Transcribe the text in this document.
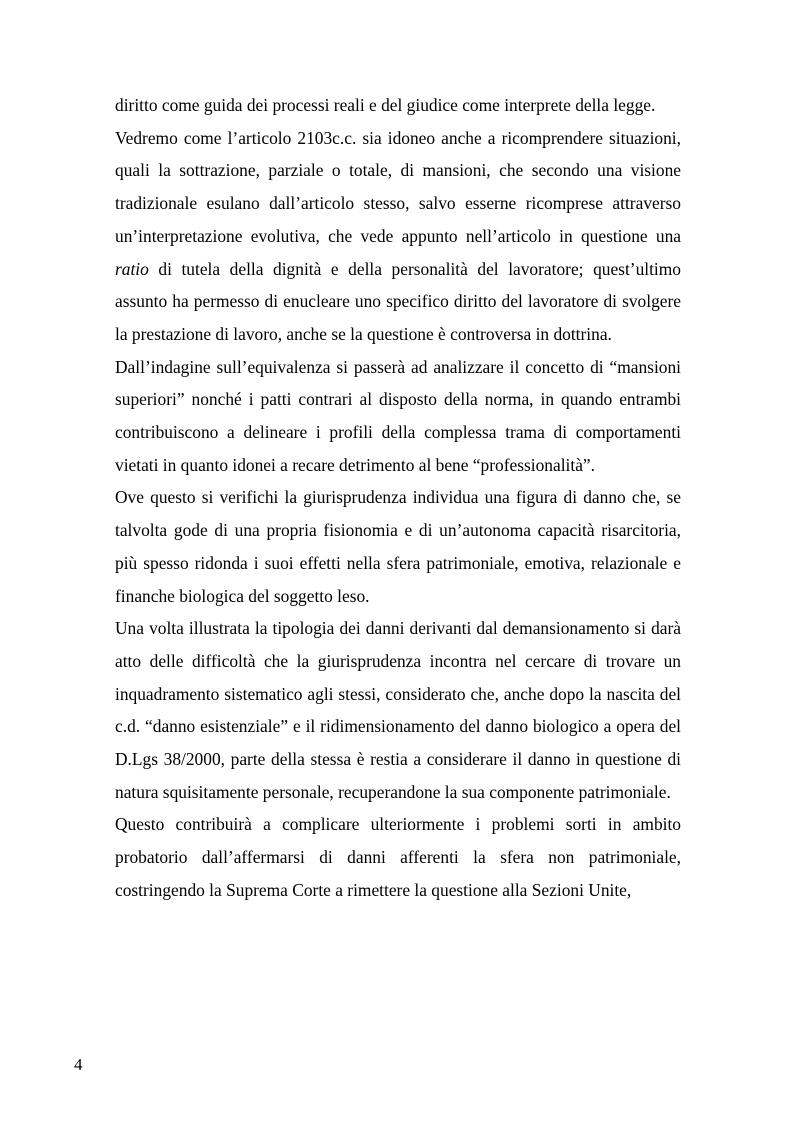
diritto come guida dei processi reali e del giudice come interprete della legge.

Vedremo come l’articolo 2103c.c. sia idoneo anche a ricomprendere situazioni, quali la sottrazione, parziale o totale, di mansioni, che secondo una visione tradizionale esulano dall’articolo stesso, salvo esserne ricomprese attraverso un’interpretazione evolutiva, che vede appunto nell’articolo in questione una ratio di tutela della dignità e della personalità del lavoratore; quest’ultimo assunto ha permesso di enucleare uno specifico diritto del lavoratore di svolgere la prestazione di lavoro, anche se la questione è controversa in dottrina.

Dall’indagine sull’equivalenza si passerà ad analizzare il concetto di “mansioni superiori” nonché i patti contrari al disposto della norma, in quando entrambi contribuiscono a delineare i profili della complessa trama di comportamenti vietati in quanto idonei a recare detrimento al bene “professionalità”.

Ove questo si verifichi la giurisprudenza individua una figura di danno che, se talvolta gode di una propria fisionomia e di un’autonoma capacità risarcitoria, più spesso ridonda i suoi effetti nella sfera patrimoniale, emotiva, relazionale e finanche biologica del soggetto leso.

Una volta illustrata la tipologia dei danni derivanti dal demansionamento si darà atto delle difficoltà che la giurisprudenza incontra nel cercare di trovare un inquadramento sistematico agli stessi, considerato che, anche dopo la nascita del c.d. “danno esistenziale” e il ridimensionamento del danno biologico a opera del D.Lgs 38/2000, parte della stessa è restia a considerare il danno in questione di natura squisitamente personale, recuperandone la sua componente patrimoniale.

Questo contribuirà a complicare ulteriormente i problemi sorti in ambito probatorio dall’affermarsi di danni afferenti la sfera non patrimoniale, costringendo la Suprema Corte a rimettere la questione alla Sezioni Unite,

4
